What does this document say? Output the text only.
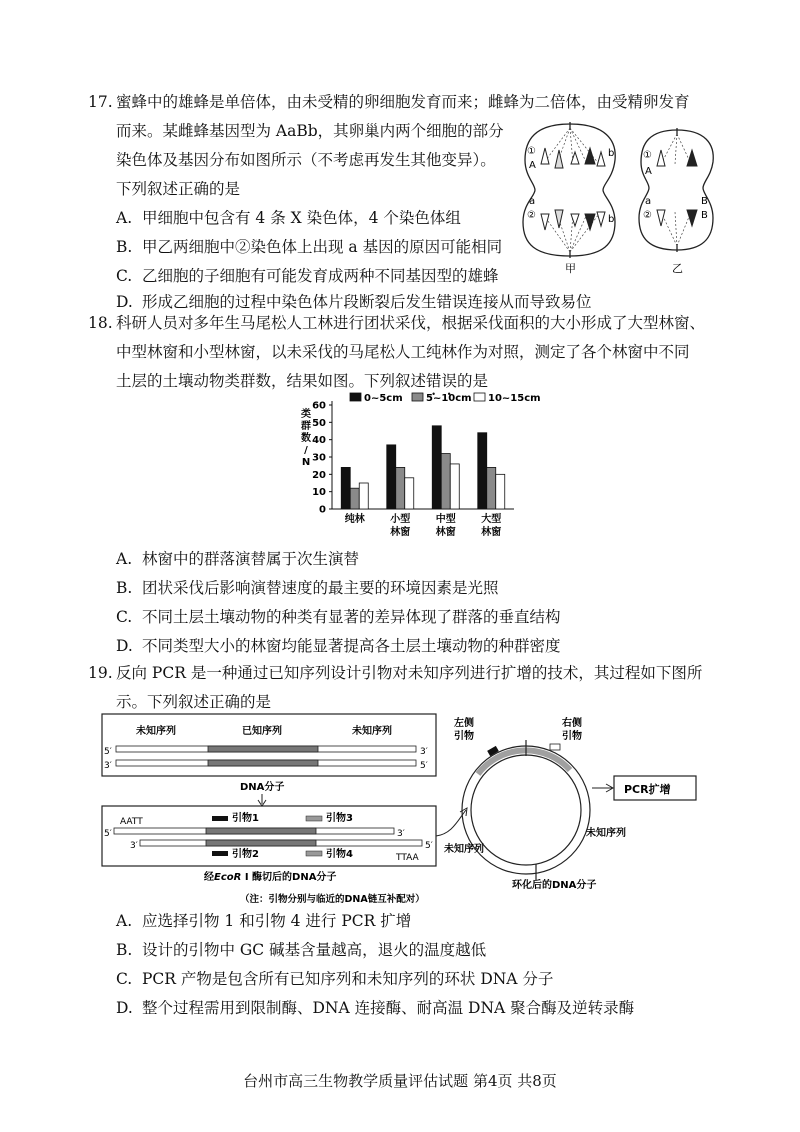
17. 蜜蜂中的雄蜂是单倍体，由未受精的卵细胞发育而来；雌蜂为二倍体，由受精卵发育
而来。某雌蜂基因型为 AaBb，其卵巢内两个细胞的部分
染色体及基因分布如图所示（不考虑再发生其他变异）。
下列叙述正确的是
A. 甲细胞中包含有 4 条 X 染色体，4 个染色体组
B. 甲乙两细胞中②染色体上出现 a 基因的原因可能相同
C. 乙细胞的子细胞有可能发育成两种不同基因型的雄蜂
D. 形成乙细胞的过程中染色体片段断裂后发生错误连接从而导致易位
①
A
b
a
②	b
甲
①
A
a
②
B
B
乙
18. 科研人员对多年生马尾松人工林进行团状采伐，根据采伐面积的大小形成了大型林窗、
中型林窗和小型林窗，以未采伐的马尾松人工纯林作为对照，测定了各个林窗中不同
土层的土壤动物类群数，结果如图。下列叙述错误的是
0~5cm 5~10cm 10~15cm
类
群
数
/
N
0
10
20
30
40
50
60
纯林	小型
林窗
中型
林窗
大型
林窗
A. 林窗中的群落演替属于次生演替
B. 团状采伐后影响演替速度的最主要的环境因素是光照
C. 不同土层土壤动物的种类有显著的差异体现了群落的垂直结构
D. 不同类型大小的林窗均能显著提高各土层土壤动物的种群密度
19. 反向 PCR 是一种通过已知序列设计引物对未知序列进行扩增的技术，其过程如下图所
示。下列叙述正确的是
未知序列	已知序列	未知序列
5′	3′
3′	5′
DNA分子
AATT
5′	3′
3′	5′
TTAA
引物1	引物3
引物2	引物4
经EcoR Ⅰ 酶切后的DNA分子
左侧
引物
右侧
引物
未知序列
未知序列
环化后的DNA分子
PCR扩增
（注：引物分别与临近的DNA链互补配对）
A. 应选择引物 1 和引物 4 进行 PCR 扩增
B. 设计的引物中 GC 碱基含量越高，退火的温度越低
C. PCR 产物是包含所有已知序列和未知序列的环状 DNA 分子
D. 整个过程需用到限制酶、DNA 连接酶、耐高温 DNA 聚合酶及逆转录酶
台州市高三生物教学质量评估试题 第4页 共8页
